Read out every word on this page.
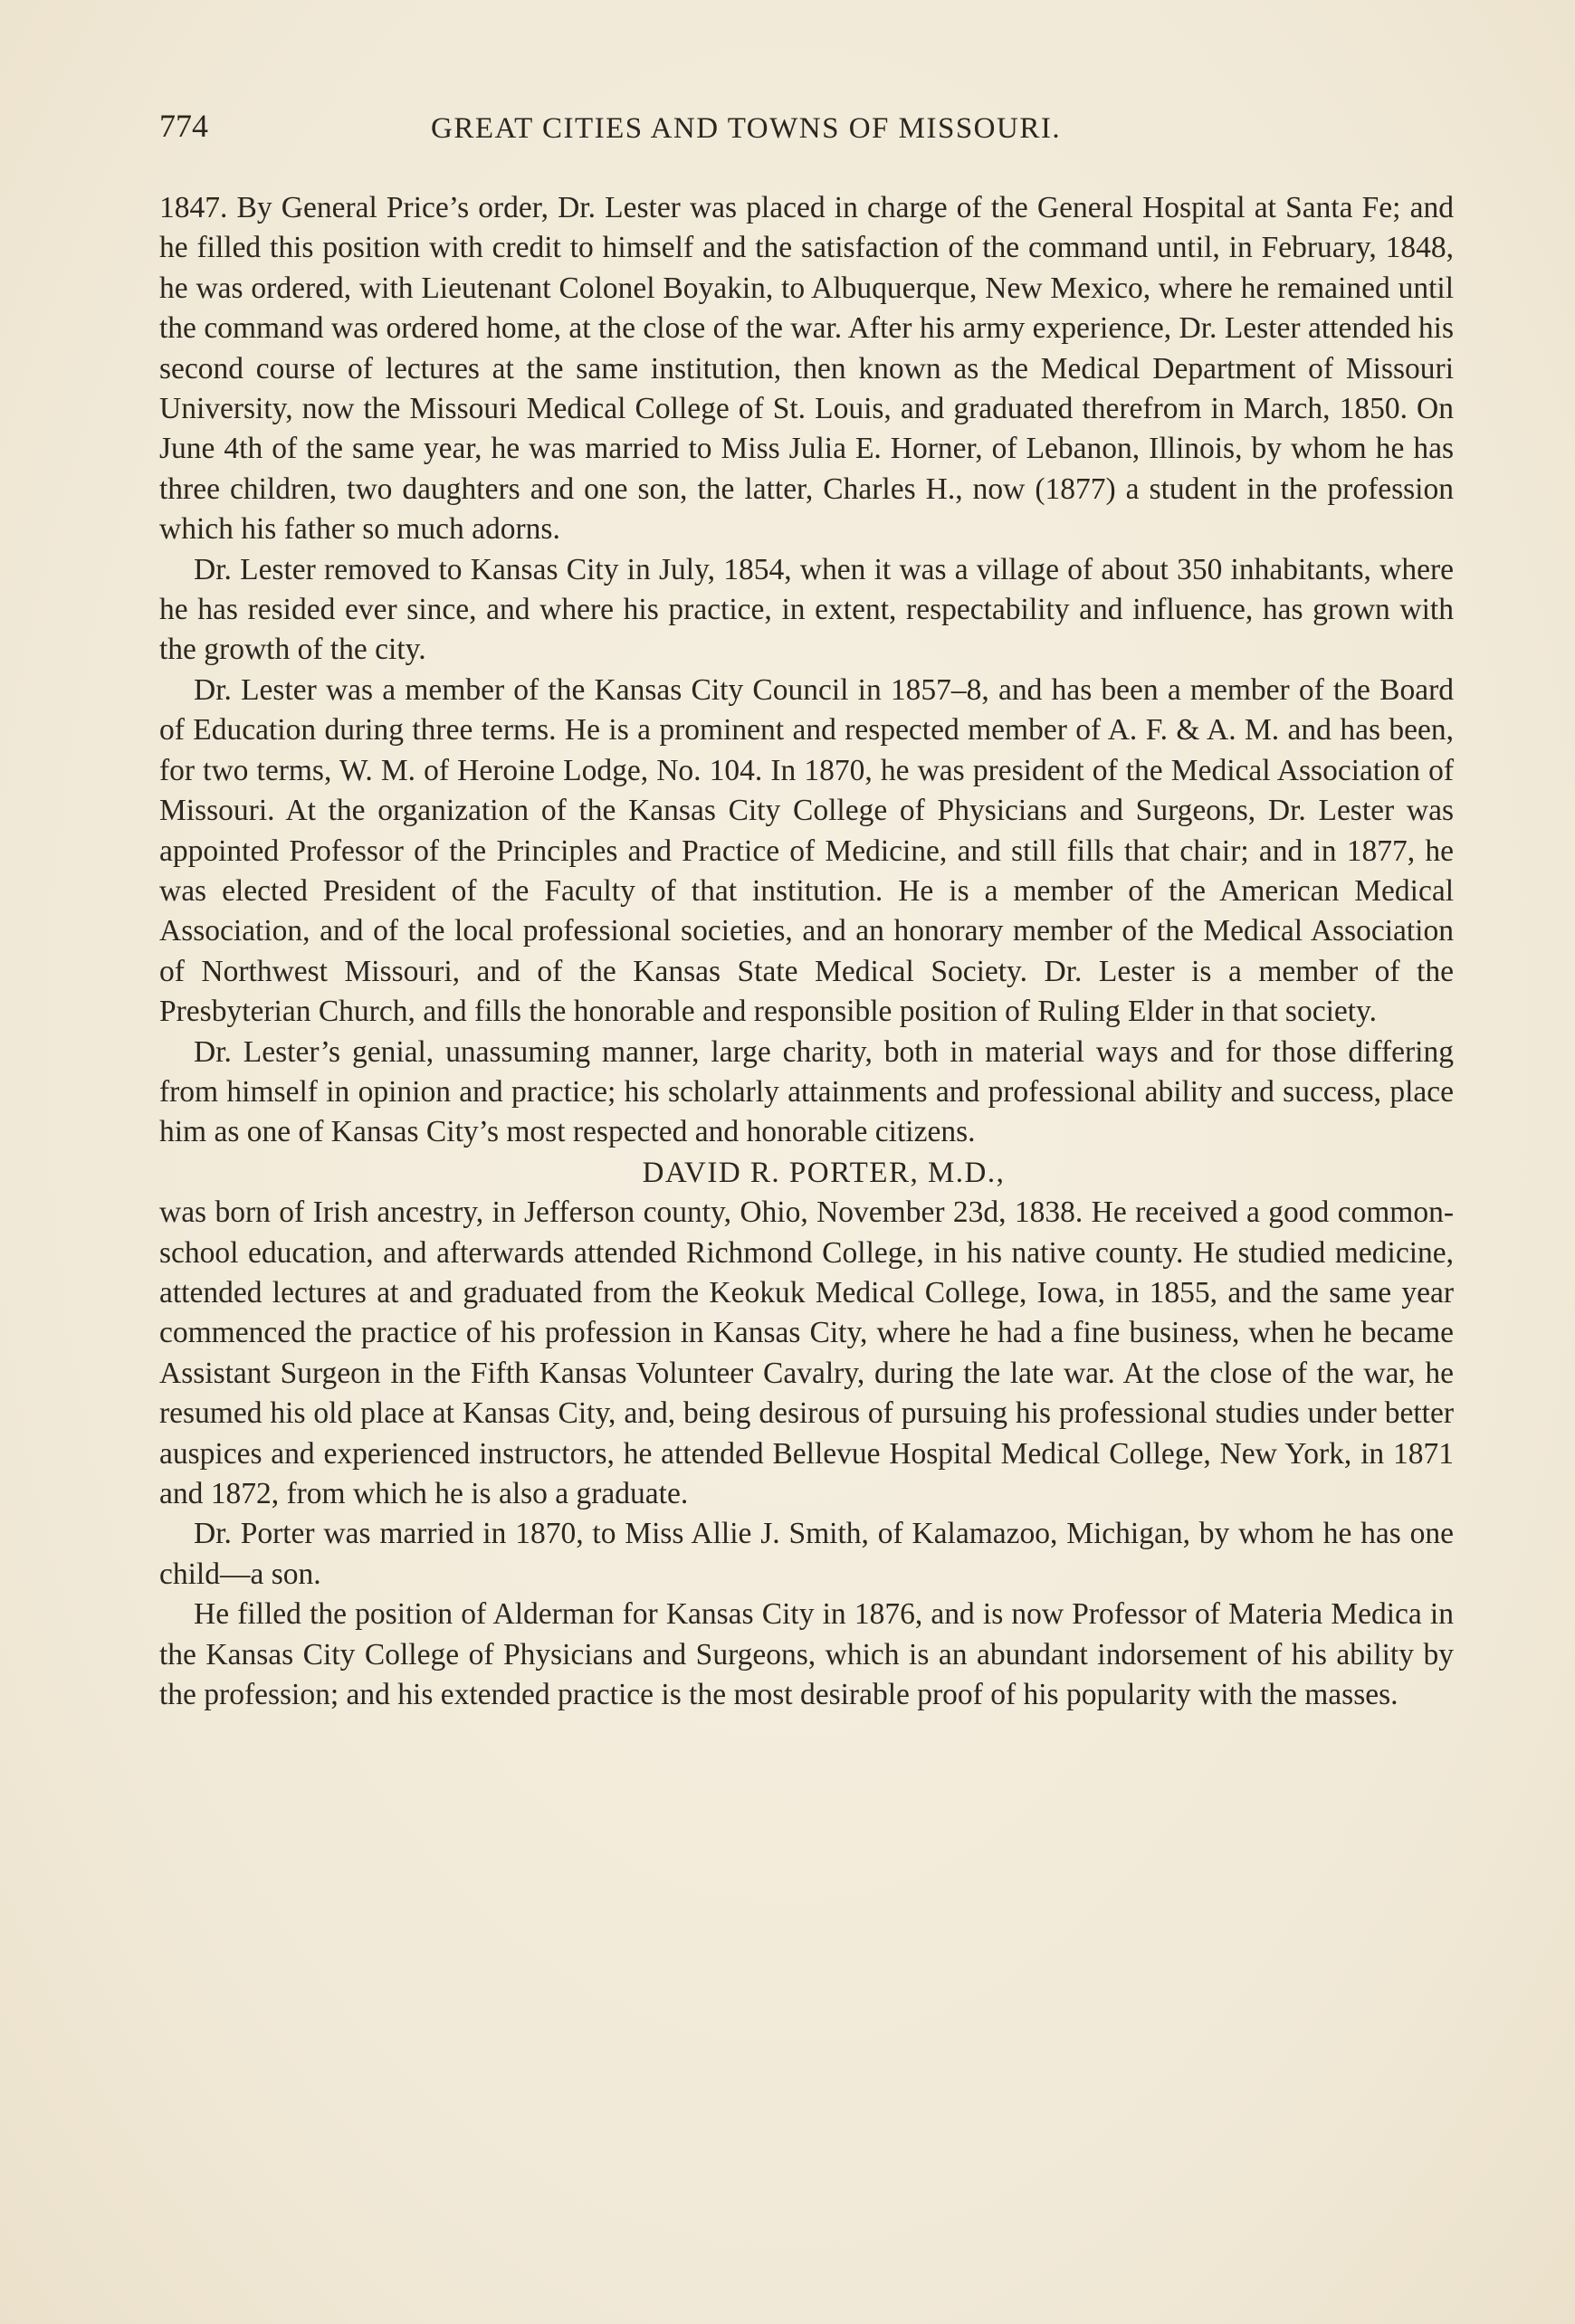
774	GREAT CITIES AND TOWNS OF MISSOURI.

1847. By General Price’s order, Dr. Lester was placed in charge of the General Hospital at Santa Fe; and he filled this position with credit to himself and the satisfaction of the command until, in February, 1848, he was ordered, with Lieutenant Colonel Boyakin, to Albuquerque, New Mexico, where he remained until the command was ordered home, at the close of the war. After his army experience, Dr. Lester attended his second course of lectures at the same institution, then known as the Medical Department of Missouri University, now the Missouri Medical College of St. Louis, and graduated therefrom in March, 1850. On June 4th of the same year, he was married to Miss Julia E. Horner, of Lebanon, Illinois, by whom he has three children, two daughters and one son, the latter, Charles H., now (1877) a student in the profession which his father so much adorns.

Dr. Lester removed to Kansas City in July, 1854, when it was a village of about 350 inhabitants, where he has resided ever since, and where his practice, in extent, respectability and influence, has grown with the growth of the city.

Dr. Lester was a member of the Kansas City Council in 1857–8, and has been a member of the Board of Education during three terms. He is a prominent and respected member of A. F. & A. M. and has been, for two terms, W. M. of Heroine Lodge, No. 104. In 1870, he was president of the Medical Association of Missouri. At the organization of the Kansas City College of Physicians and Surgeons, Dr. Lester was appointed Professor of the Principles and Practice of Medicine, and still fills that chair; and in 1877, he was elected President of the Faculty of that institution. He is a member of the American Medical Association, and of the local professional societies, and an honorary member of the Medical Association of Northwest Missouri, and of the Kansas State Medical Society. Dr. Lester is a member of the Presbyterian Church, and fills the honorable and responsible position of Ruling Elder in that society.

Dr. Lester’s genial, unassuming manner, large charity, both in material ways and for those differing from himself in opinion and practice; his scholarly attainments and professional ability and success, place him as one of Kansas City’s most respected and honorable citizens.

DAVID R. PORTER, M.D.,

was born of Irish ancestry, in Jefferson county, Ohio, November 23d, 1838. He received a good common-school education, and afterwards attended Richmond College, in his native county. He studied medicine, attended lectures at and graduated from the Keokuk Medical College, Iowa, in 1855, and the same year commenced the practice of his profession in Kansas City, where he had a fine business, when he became Assistant Surgeon in the Fifth Kansas Volunteer Cavalry, during the late war. At the close of the war, he resumed his old place at Kansas City, and, being desirous of pursuing his professional studies under better auspices and experienced instructors, he attended Bellevue Hospital Medical College, New York, in 1871 and 1872, from which he is also a graduate.

Dr. Porter was married in 1870, to Miss Allie J. Smith, of Kalamazoo, Michigan, by whom he has one child—a son.

He filled the position of Alderman for Kansas City in 1876, and is now Professor of Materia Medica in the Kansas City College of Physicians and Surgeons, which is an abundant indorsement of his ability by the profession; and his extended practice is the most desirable proof of his popularity with the masses.
